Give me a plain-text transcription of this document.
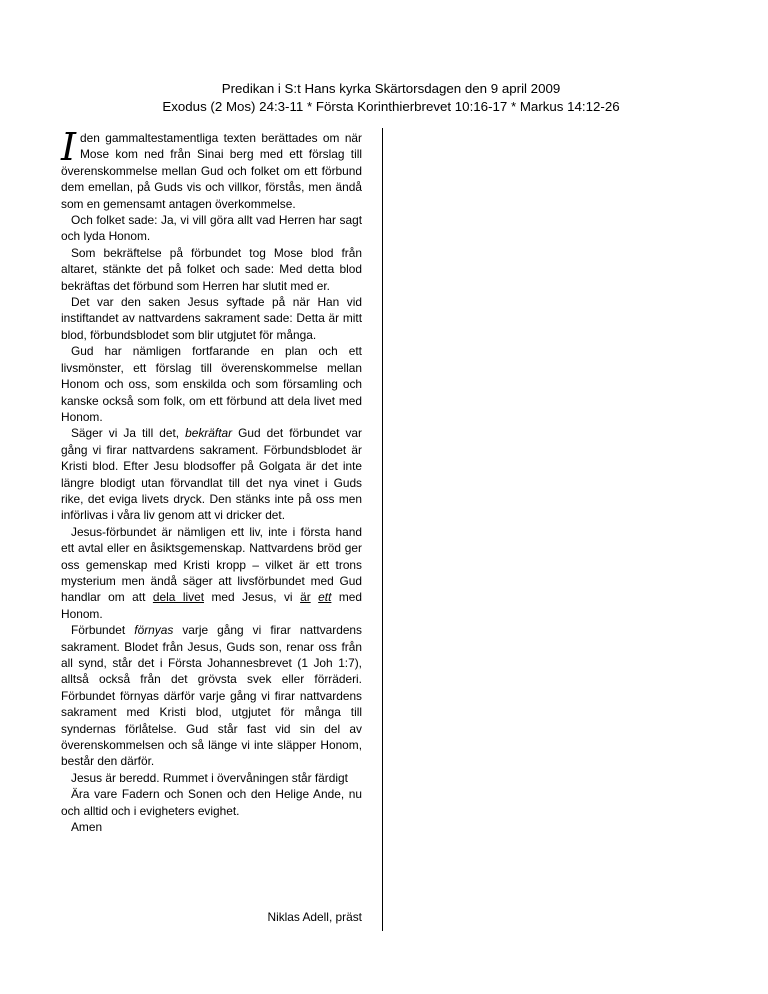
Predikan i S:t Hans kyrka Skärtorsdagen den 9 april 2009
Exodus (2 Mos) 24:3-11 * Första Korinthierbrevet 10:16-17 * Markus 14:12-26

I den gammaltestamentliga texten berättades om när Mose kom ned från Sinai berg med ett förslag till överenskommelse mellan Gud och folket om ett förbund dem emellan, på Guds vis och villkor, förstås, men ändå som en gemensamt antagen överkommelse.

Och folket sade: Ja, vi vill göra allt vad Herren har sagt och lyda Honom.

Som bekräftelse på förbundet tog Mose blod från altaret, stänkte det på folket och sade: Med detta blod bekräftas det förbund som Herren har slutit med er.

Det var den saken Jesus syftade på när Han vid instiftandet av nattvardens sakrament sade: Detta är mitt blod, förbundsblodet som blir utgjutet för många.

Gud har nämligen fortfarande en plan och ett livsmönster, ett förslag till överenskommelse mellan Honom och oss, som enskilda och som församling och kanske också som folk, om ett förbund att dela livet med Honom.

Säger vi Ja till det, bekräftar Gud det förbundet var gång vi firar nattvardens sakrament. Förbundsblodet är Kristi blod. Efter Jesu blodsoffer på Golgata är det inte längre blodigt utan förvandlat till det nya vinet i Guds rike, det eviga livets dryck. Den stänks inte på oss men införlivas i våra liv genom att vi dricker det.

Jesus-förbundet är nämligen ett liv, inte i första hand ett avtal eller en åsiktsgemenskap. Nattvardens bröd ger oss gemenskap med Kristi kropp – vilket är ett trons mysterium men ändå säger att livsförbundet med Gud handlar om att dela livet med Jesus, vi är ett med Honom.

Förbundet förnyas varje gång vi firar nattvardens sakrament. Blodet från Jesus, Guds son, renar oss från all synd, står det i Första Johannesbrevet (1 Joh 1:7), alltså också från det grövsta svek eller förräderi. Förbundet förnyas därför varje gång vi firar nattvardens sakrament med Kristi blod, utgjutet för många till syndernas förlåtelse. Gud står fast vid sin del av överenskommelsen och så länge vi inte släpper Honom, består den därför.

Jesus är beredd. Rummet i övervåningen står färdigt

Ära vare Fadern och Sonen och den Helige Ande, nu och alltid och i evigheters evighet.

Amen

Niklas Adell, präst
